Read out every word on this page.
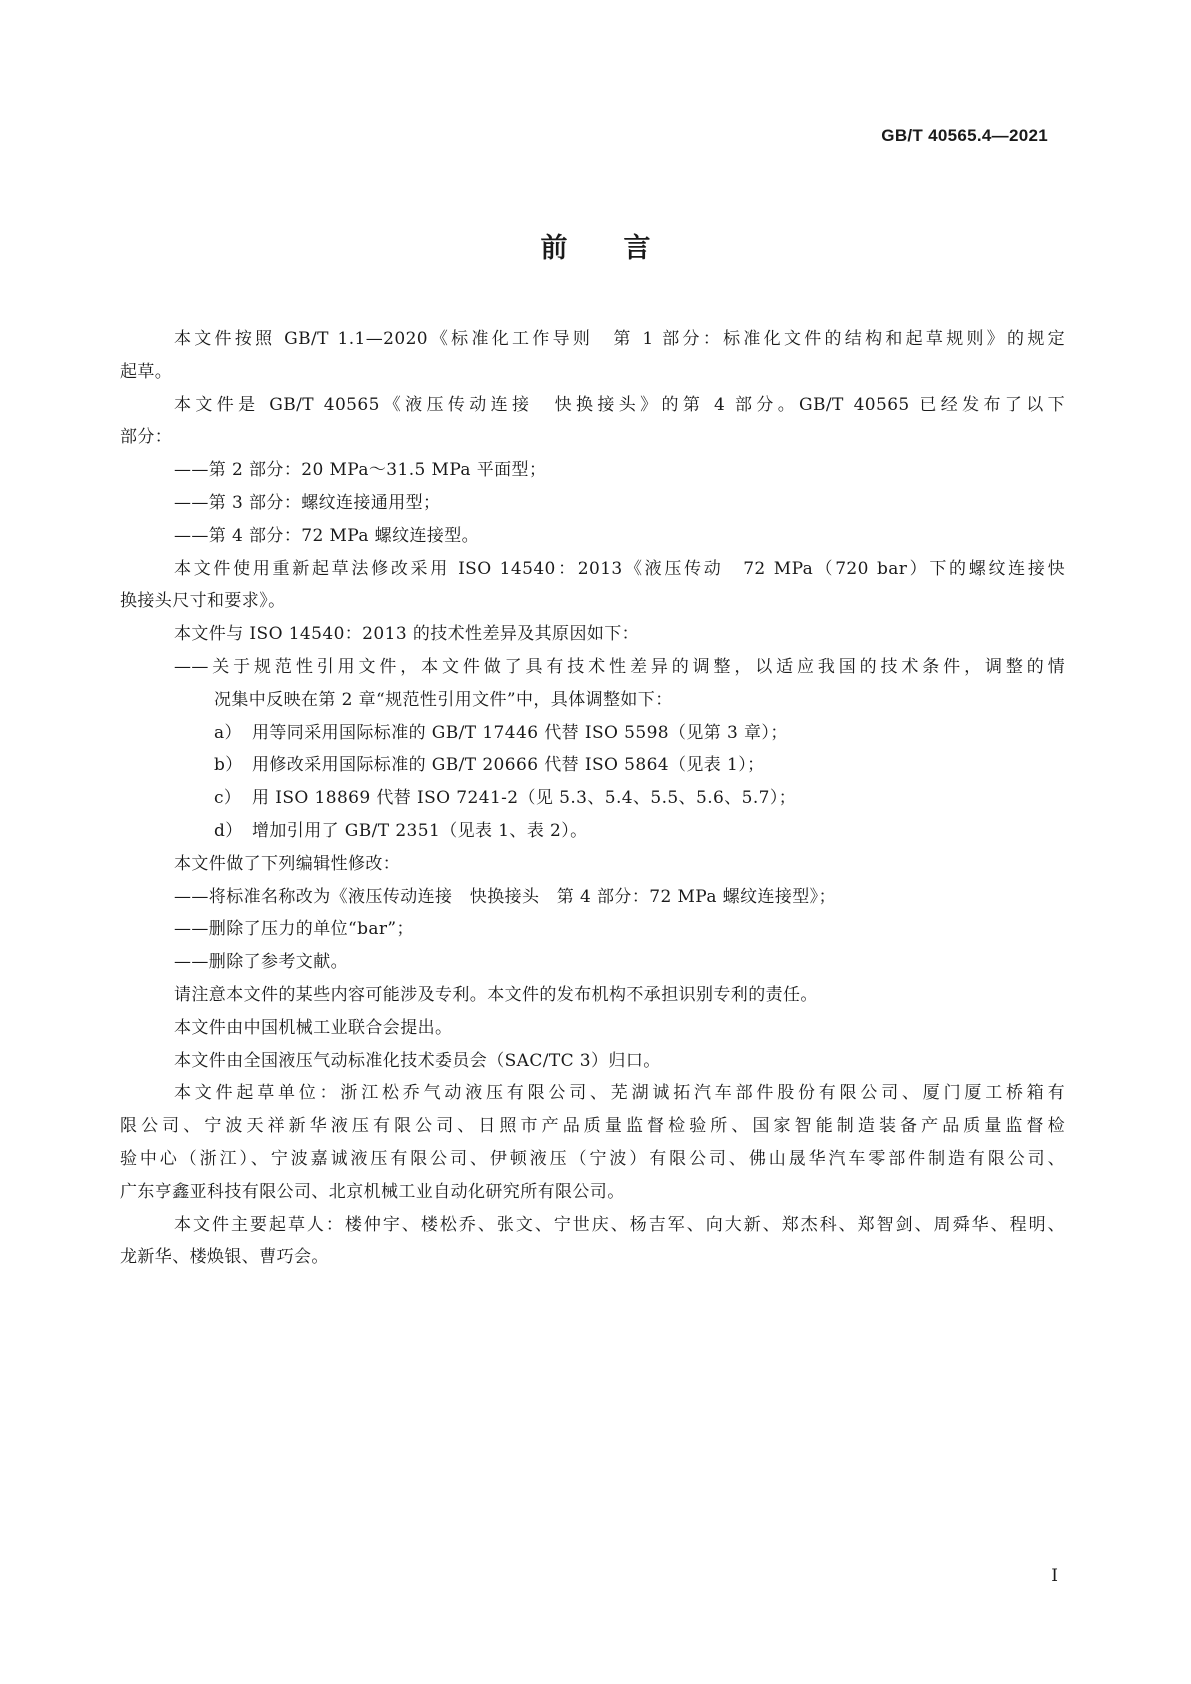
GB/T 40565.4—2021
前 言
本文件按照 GB/T 1.1—2020《标准化工作导则　第 1 部分：标准化文件的结构和起草规则》的规定
起草。
本文件是 GB/T 40565《液压传动连接　快换接头》的第 4 部分。GB/T 40565 已经发布了以下
部分：
——第 2 部分：20 MPa～31.5 MPa 平面型；
——第 3 部分：螺纹连接通用型；
——第 4 部分：72 MPa 螺纹连接型。
本文件使用重新起草法修改采用 ISO 14540：2013《液压传动　72 MPa（720 bar）下的螺纹连接快
换接头尺寸和要求》。
本文件与 ISO 14540：2013 的技术性差异及其原因如下：
——关于规范性引用文件，本文件做了具有技术性差异的调整，以适应我国的技术条件，调整的情
况集中反映在第 2 章“规范性引用文件”中，具体调整如下：
a） 用等同采用国际标准的 GB/T 17446 代替 ISO 5598（见第 3 章）；
b） 用修改采用国际标准的 GB/T 20666 代替 ISO 5864（见表 1）；
c） 用 ISO 18869 代替 ISO 7241-2（见 5.3、5.4、5.5、5.6、5.7）；
d） 增加引用了 GB/T 2351（见表 1、表 2）。
本文件做了下列编辑性修改：
——将标准名称改为《液压传动连接　快换接头　第 4 部分：72 MPa 螺纹连接型》；
——删除了压力的单位“bar”；
——删除了参考文献。
请注意本文件的某些内容可能涉及专利。本文件的发布机构不承担识别专利的责任。
本文件由中国机械工业联合会提出。
本文件由全国液压气动标准化技术委员会（SAC/TC 3）归口。
本文件起草单位：浙江松乔气动液压有限公司、芜湖诚拓汽车部件股份有限公司、厦门厦工桥箱有
限公司、宁波天祥新华液压有限公司、日照市产品质量监督检验所、国家智能制造装备产品质量监督检
验中心（浙江）、宁波嘉诚液压有限公司、伊顿液压（宁波）有限公司、佛山晟华汽车零部件制造有限公司、
广东亨鑫亚科技有限公司、北京机械工业自动化研究所有限公司。
本文件主要起草人：楼仲宇、楼松乔、张文、宁世庆、杨吉军、向大新、郑杰科、郑智剑、周舜华、程明、
龙新华、楼焕银、曹巧会。
I
